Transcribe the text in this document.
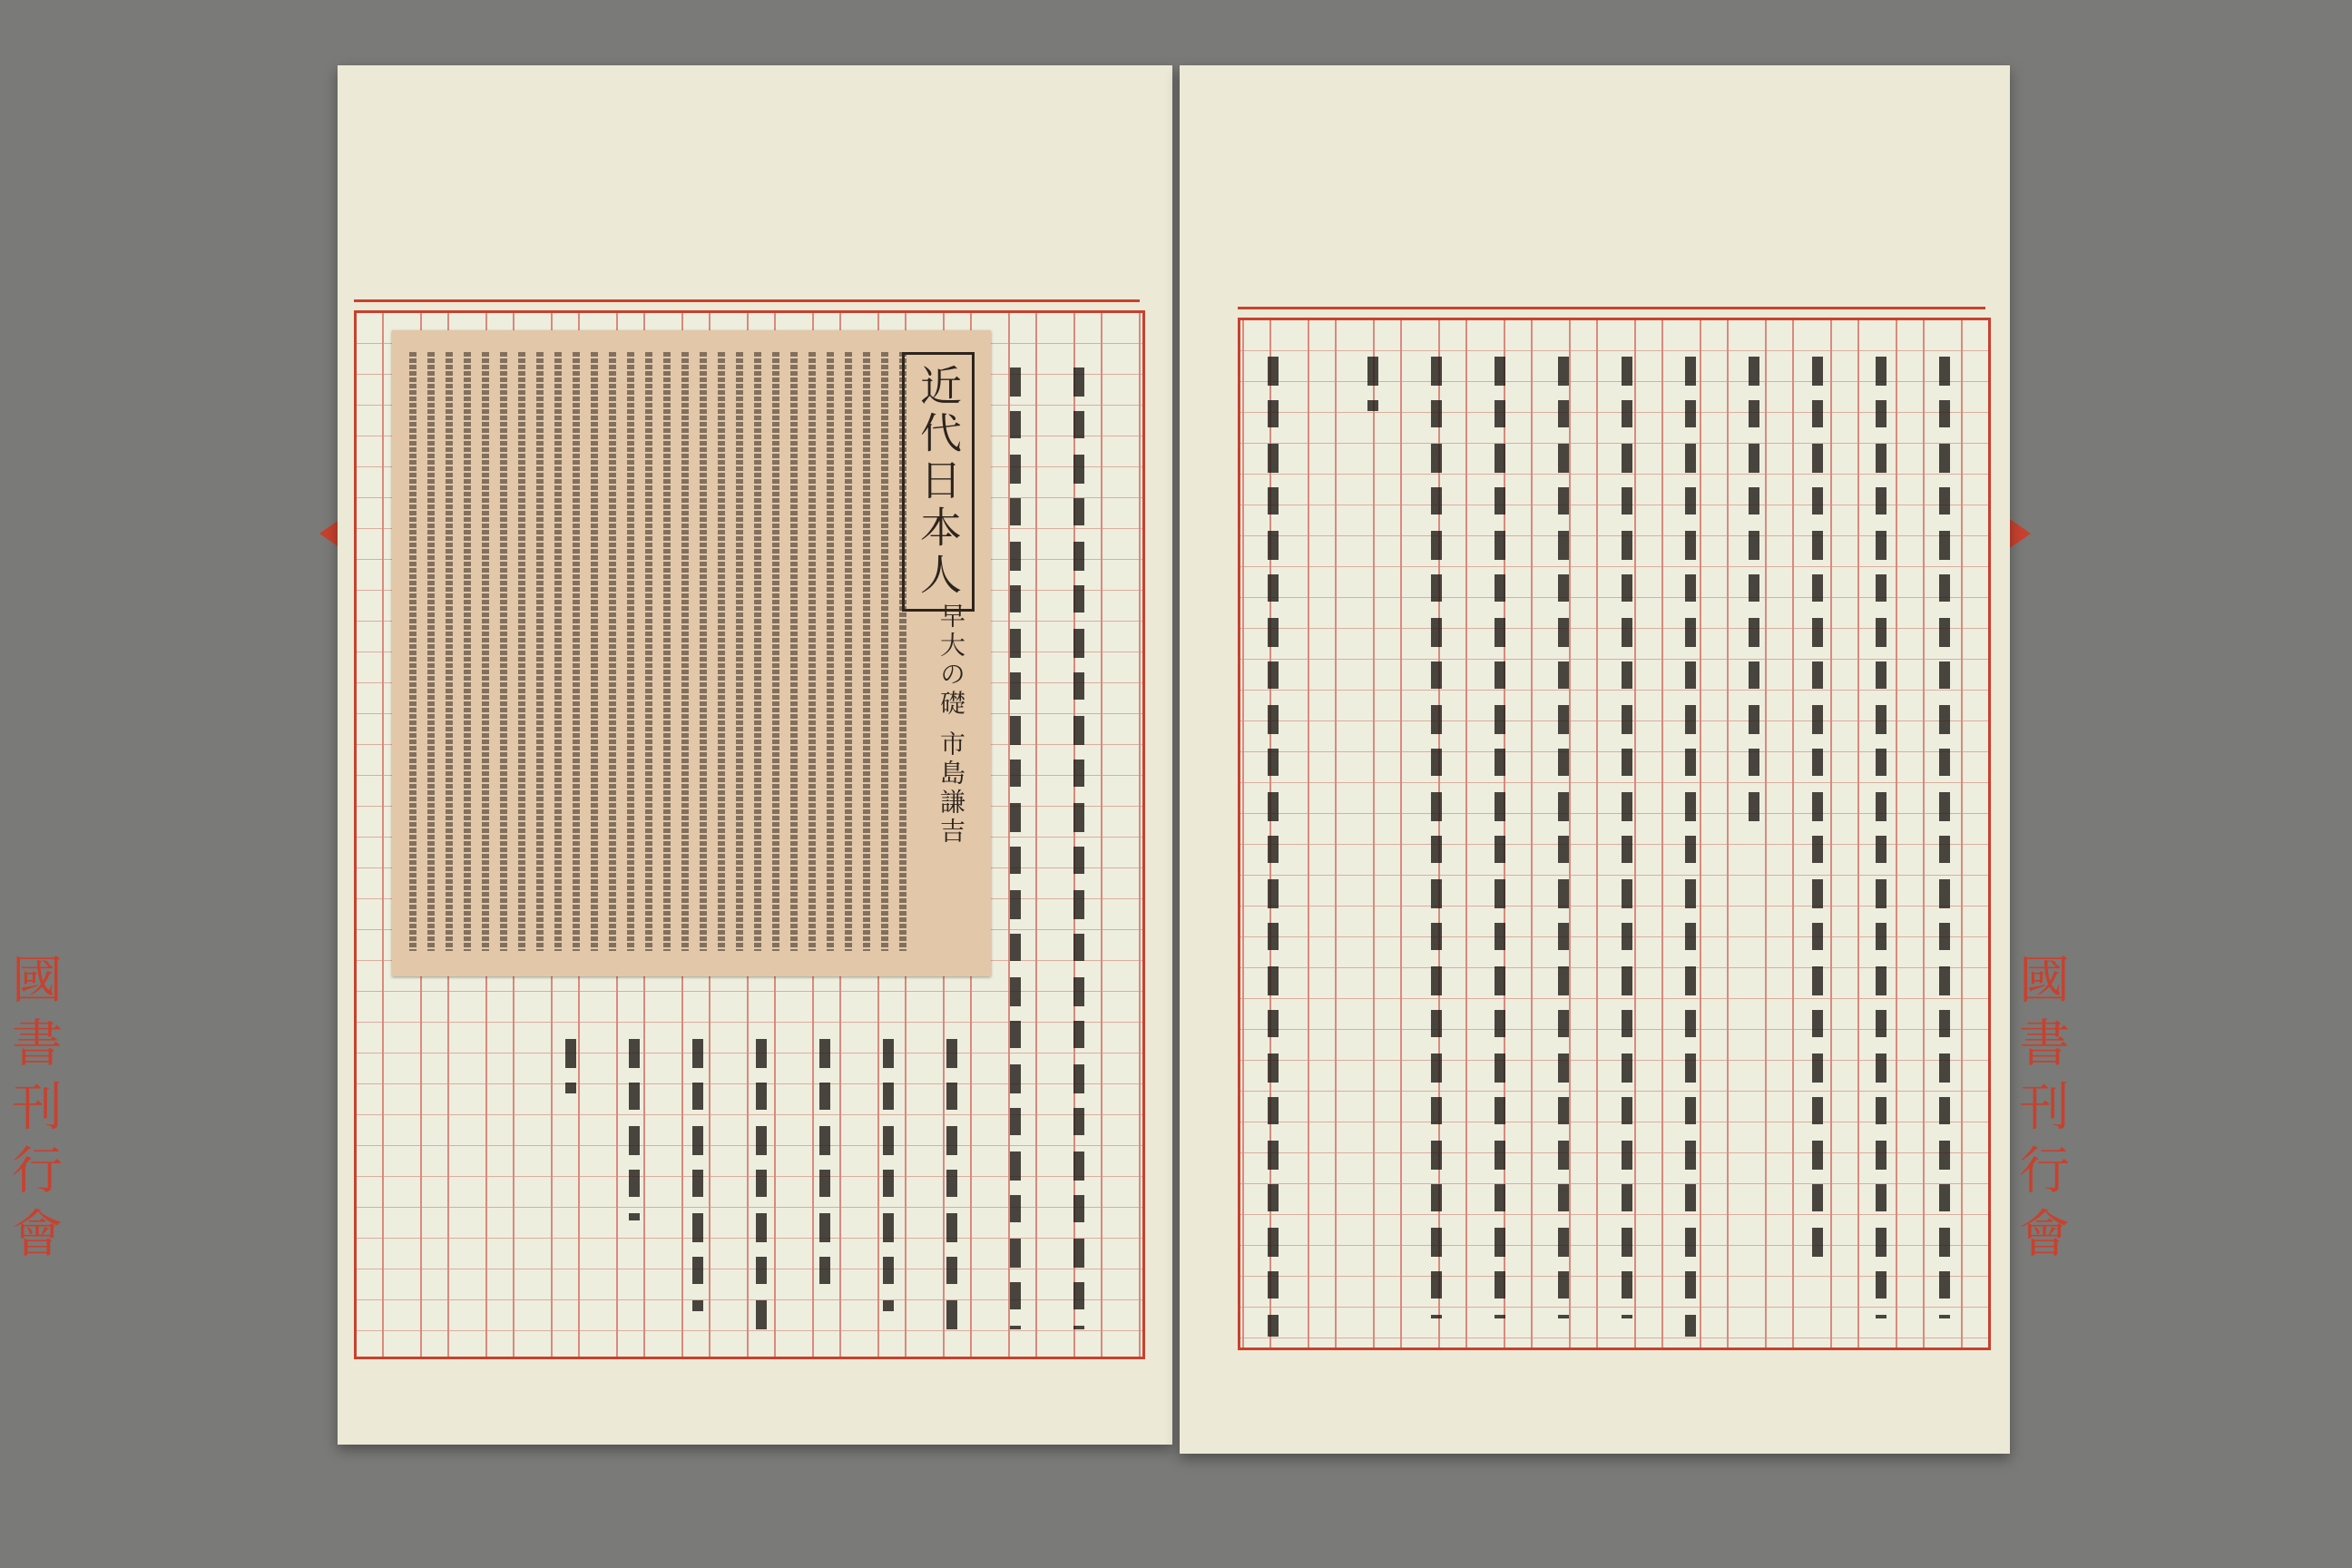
近代日本人
早大の礎 市島謙吉
國書刊行會	國書刊行會
